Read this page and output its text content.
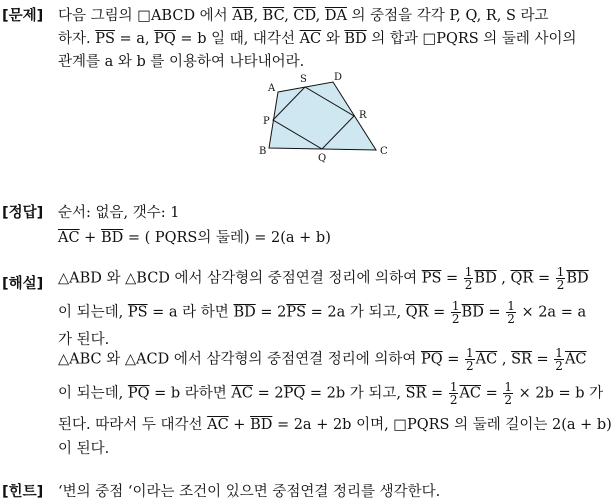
[문제] 다음 그림의 □ABCD 에서 $\overline{AB}$, $\overline{BC}$, $\overline{CD}$, $\overline{DA}$ 의 중점을 각각 P, Q, R, S 라고
하자. $\overline{PS} = a$, $\overline{PQ} = b$ 일 때, 대각선 $\overline{AC}$ 와 $\overline{BD}$ 의 합과 □PQRS 의 둘레 사이의
관계를 a 와 b 를 이용하여 나타내어라.
A
S	D
P
R
B
Q
C
[정답] 순서: 없음, 갯수: 1
$\overline{AC} + \overline{BD}$ = ( PQRS의 둘레) = 2(a + b)
[해설] △ABD 와 △BCD 에서 삼각형의 중점연결 정리에 의하여 $\overline{PS} = \frac{1}{2} \overline{BD}$ , $\overline{QR} = \frac{1}{2} \overline{BD}$
이 되는데, $\overline{PS} = a$ 라 하면 $\overline{BD} = 2\overline{PS} = 2a$ 가 되고, $\overline{QR} = \frac{1}{2} \overline{BD} = \frac{1}{2} \times 2a = a$
가 된다.
△ABC 와 △ACD 에서 삼각형의 중점연결 정리에 의하여 $\overline{PQ} = \frac{1}{2} \overline{AC}$ , $\overline{SR} = \frac{1}{2} \overline{AC}$
이 되는데, $\overline{PQ} = b$ 라하면 $\overline{AC} = 2\overline{PQ} = 2b$ 가 되고, $\overline{SR} = \frac{1}{2} \overline{AC} = \frac{1}{2} \times 2b = b$ 가
된다. 따라서 두 대각선 $\overline{AC} + \overline{BD} = 2a + 2b$ 이며, □PQRS 의 둘레 길이는 2(a + b)
이 된다.
[힌트] ‘변의 중점 ‘이라는 조건이 있으면 중점연결 정리를 생각한다.
